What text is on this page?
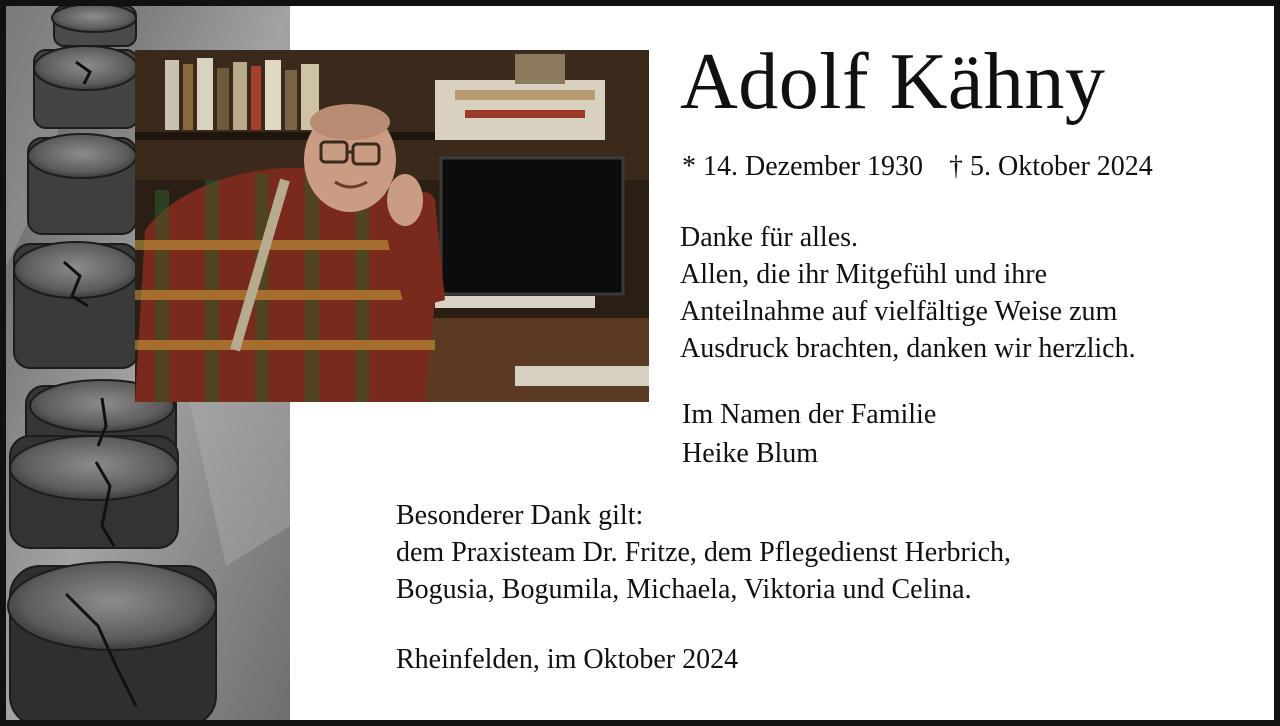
Adolf Kähny
* 14. Dezember 1930 † 5. Oktober 2024
Danke für alles.
Allen, die ihr Mitgefühl und ihre
Anteilnahme auf vielfältige Weise zum
Ausdruck brachten, danken wir herzlich.
Im Namen der Familie
Heike Blum
Besonderer Dank gilt:
dem Praxisteam Dr. Fritze, dem Pflegedienst Herbrich,
Bogusia, Bogumila, Michaela, Viktoria und Celina.
Rheinfelden, im Oktober 2024
